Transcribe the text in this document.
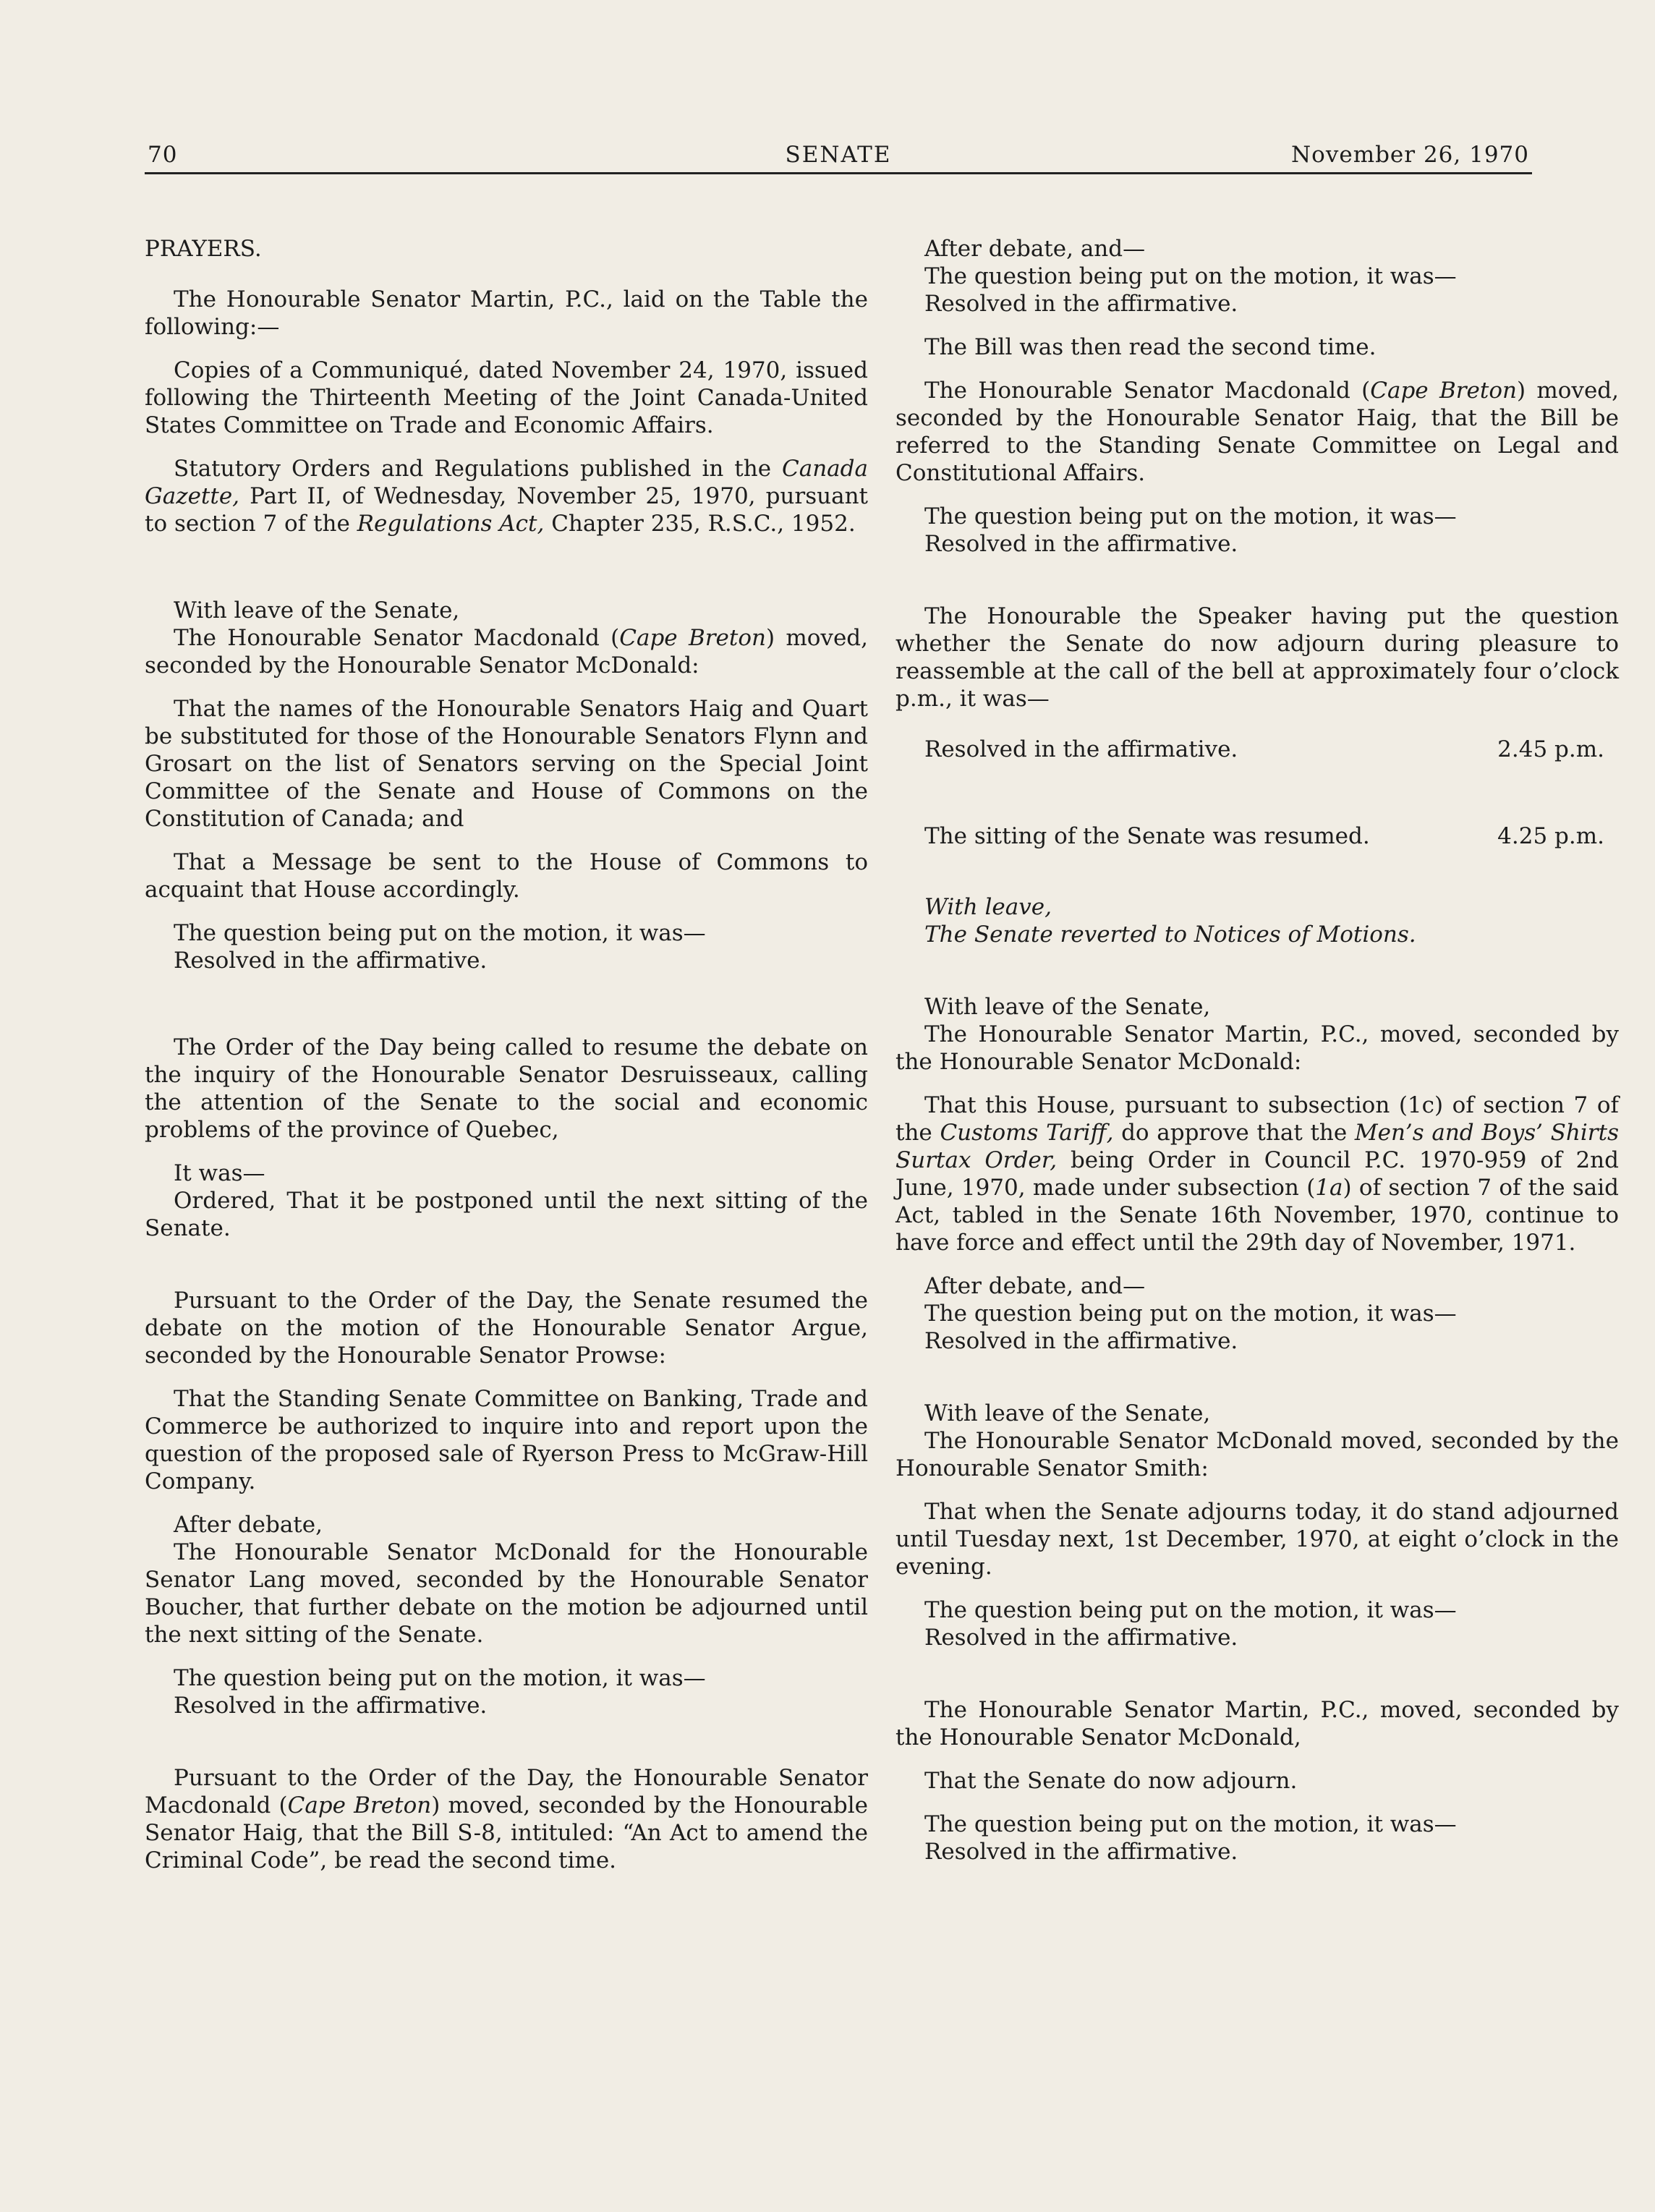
70	SENATE	November 26, 1970

PRAYERS.

The Honourable Senator Martin, P.C., laid on the Table the following:—

Copies of a Communiqué, dated November 24, 1970, issued following the Thirteenth Meeting of the Joint Canada-United States Committee on Trade and Economic Affairs.

Statutory Orders and Regulations published in the Canada Gazette, Part II, of Wednesday, November 25, 1970, pursuant to section 7 of the Regulations Act, Chapter 235, R.S.C., 1952.

With leave of the Senate,

The Honourable Senator Macdonald (Cape Breton) moved, seconded by the Honourable Senator McDonald:

That the names of the Honourable Senators Haig and Quart be substituted for those of the Honourable Senators Flynn and Grosart on the list of Senators serving on the Special Joint Committee of the Senate and House of Commons on the Constitution of Canada; and

That a Message be sent to the House of Commons to acquaint that House accordingly.

The question being put on the motion, it was—

Resolved in the affirmative.

The Order of the Day being called to resume the debate on the inquiry of the Honourable Senator Desruisseaux, calling the attention of the Senate to the social and economic problems of the province of Quebec,

It was—

Ordered, That it be postponed until the next sitting of the Senate.

Pursuant to the Order of the Day, the Senate resumed the debate on the motion of the Honourable Senator Argue, seconded by the Honourable Senator Prowse:

That the Standing Senate Committee on Banking, Trade and Commerce be authorized to inquire into and report upon the question of the proposed sale of Ryerson Press to McGraw-Hill Company.

After debate,

The Honourable Senator McDonald for the Honourable Senator Lang moved, seconded by the Honourable Senator Boucher, that further debate on the motion be adjourned until the next sitting of the Senate.

The question being put on the motion, it was—

Resolved in the affirmative.

Pursuant to the Order of the Day, the Honourable Senator Macdonald (Cape Breton) moved, seconded by the Honourable Senator Haig, that the Bill S-8, intituled: “An Act to amend the Criminal Code”, be read the second time.

After debate, and—

The question being put on the motion, it was—

Resolved in the affirmative.

The Bill was then read the second time.

The Honourable Senator Macdonald (Cape Breton) moved, seconded by the Honourable Senator Haig, that the Bill be referred to the Standing Senate Committee on Legal and Constitutional Affairs.

The question being put on the motion, it was—

Resolved in the affirmative.

The Honourable the Speaker having put the question whether the Senate do now adjourn during pleasure to reassemble at the call of the bell at approximately four o’clock p.m., it was—

Resolved in the affirmative.	2.45 p.m.
The sitting of the Senate was resumed.	4.25 p.m.

With leave,

The Senate reverted to Notices of Motions.

With leave of the Senate,

The Honourable Senator Martin, P.C., moved, seconded by the Honourable Senator McDonald:

That this House, pursuant to subsection (1c) of section 7 of the Customs Tariff, do approve that the Men’s and Boys’ Shirts Surtax Order, being Order in Council P.C. 1970-959 of 2nd June, 1970, made under subsection (1a) of section 7 of the said Act, tabled in the Senate 16th November, 1970, continue to have force and effect until the 29th day of November, 1971.

After debate, and—

The question being put on the motion, it was—

Resolved in the affirmative.

With leave of the Senate,

The Honourable Senator McDonald moved, seconded by the Honourable Senator Smith:

That when the Senate adjourns today, it do stand adjourned until Tuesday next, 1st December, 1970, at eight o’clock in the evening.

The question being put on the motion, it was—

Resolved in the affirmative.

The Honourable Senator Martin, P.C., moved, seconded by the Honourable Senator McDonald,

That the Senate do now adjourn.

The question being put on the motion, it was—

Resolved in the affirmative.
